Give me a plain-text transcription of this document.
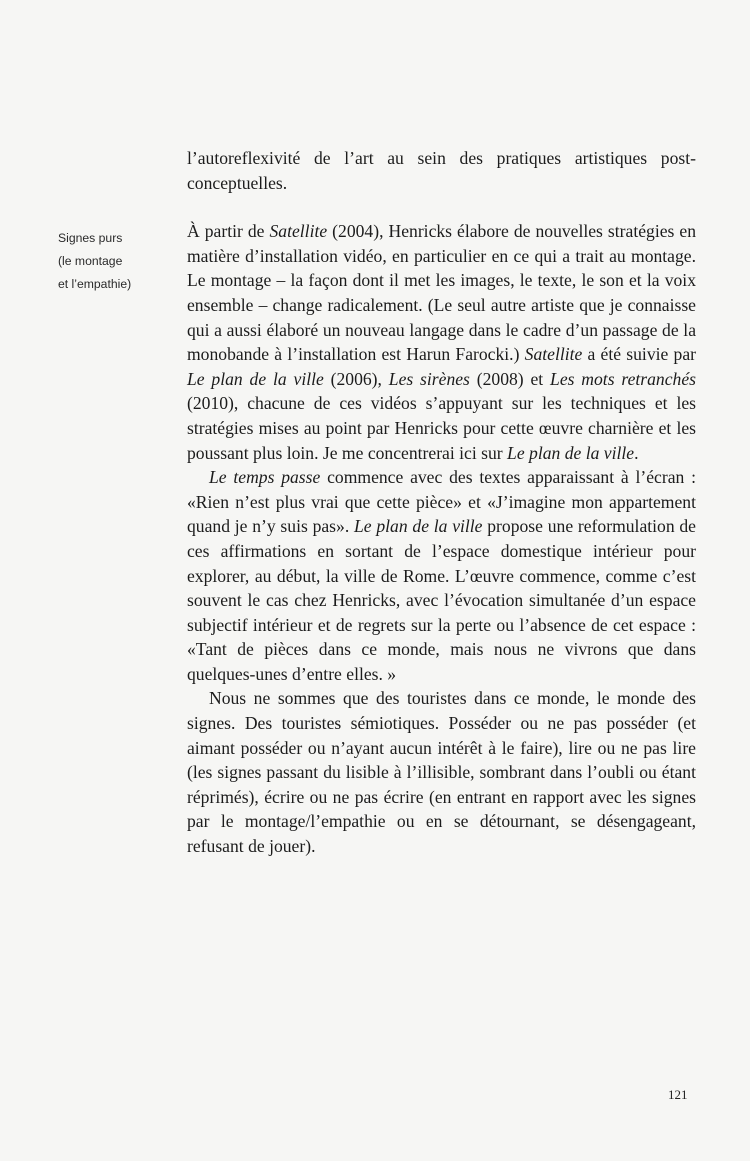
Signes purs
(le montage
et l’empathie)

l’autoreflexivité de l’art au sein des pratiques artistiques post-conceptuelles.

À partir de Satellite (2004), Henricks élabore de nouvelles stratégies en matière d’installation vidéo, en particulier en ce qui a trait au montage. Le montage – la façon dont il met les images, le texte, le son et la voix ensemble – change radicalement. (Le seul autre artiste que je connaisse qui a aussi élaboré un nouveau langage dans le cadre d’un passage de la monobande à l’installation est Harun Farocki.) Satellite a été suivie par Le plan de la ville (2006), Les sirènes (2008) et Les mots retranchés (2010), chacune de ces vidéos s’appuyant sur les techniques et les stratégies mises au point par Henricks pour cette œuvre charnière et les poussant plus loin. Je me concentrerai ici sur Le plan de la ville.

Le temps passe commence avec des textes apparaissant à l’écran : «Rien n’est plus vrai que cette pièce» et «J’imagine mon appartement quand je n’y suis pas». Le plan de la ville propose une reformulation de ces affirmations en sortant de l’espace domestique intérieur pour explorer, au début, la ville de Rome. L’œuvre commence, comme c’est souvent le cas chez Henricks, avec l’évocation simultanée d’un espace subjectif intérieur et de regrets sur la perte ou l’absence de cet espace : «Tant de pièces dans ce monde, mais nous ne vivrons que dans quelques-unes d’entre elles. »

Nous ne sommes que des touristes dans ce monde, le monde des signes. Des touristes sémiotiques. Posséder ou ne pas posséder (et aimant posséder ou n’ayant aucun intérêt à le faire), lire ou ne pas lire (les signes passant du lisible à l’illisible, sombrant dans l’oubli ou étant réprimés), écrire ou ne pas écrire (en entrant en rapport avec les signes par le montage/l’empathie ou en se détournant, se désengageant, refusant de jouer).

121
